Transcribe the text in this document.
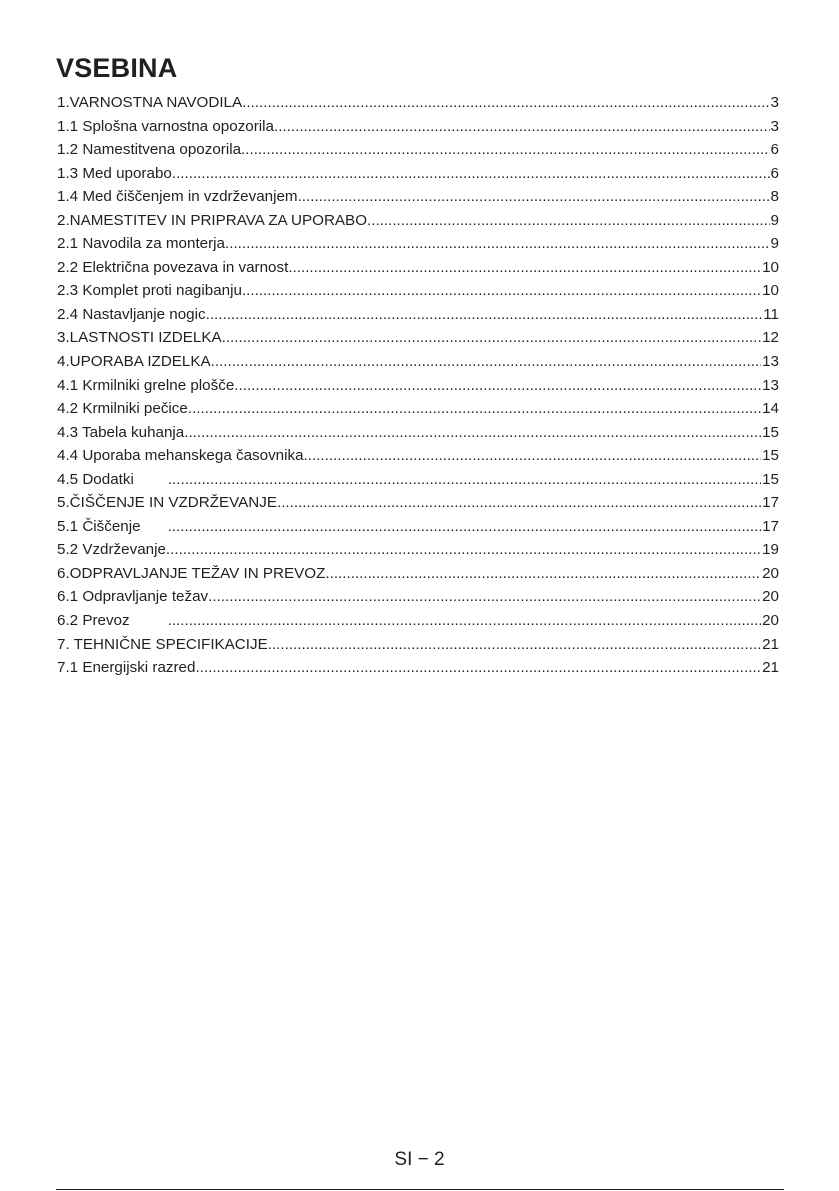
VSEBINA
1.VARNOSTNA NAVODILA .....	3
1.1 Splošna varnostna opozorila .....	3
1.2 Namestitvena opozorila .....	6
1.3 Med uporabo .....	6
1.4 Med čiščenjem in vzdrževanjem .....	8
2.NAMESTITEV IN PRIPRAVA ZA UPORABO .....	9
2.1 Navodila za monterja .....	9
2.2 Električna povezava in varnost .....	10
2.3 Komplet proti nagibanju .....	10
2.4 Nastavljanje nogic .....	11
3.LASTNOSTI IZDELKA .....	12
4.UPORABA IZDELKA .....	13
4.1 Krmilniki grelne plošče .....	13
4.2 Krmilniki pečice .....	14
4.3 Tabela kuhanja .....	15
4.4 Uporaba mehanskega časovnika .....	15
4.5 Dodatki .....	15
5.ČIŠČENJE IN VZDRŽEVANJE .....	17
5.1 Čiščenje .....	17
5.2 Vzdrževanje .....	19
6.ODPRAVLJANJE TEŽAV IN PREVOZ .....	20
6.1 Odpravljanje težav .....	20
6.2 Prevoz .....	20
7. TEHNIČNE SPECIFIKACIJE .....	21
7.1 Energijski razred .....	21
SI − 2
